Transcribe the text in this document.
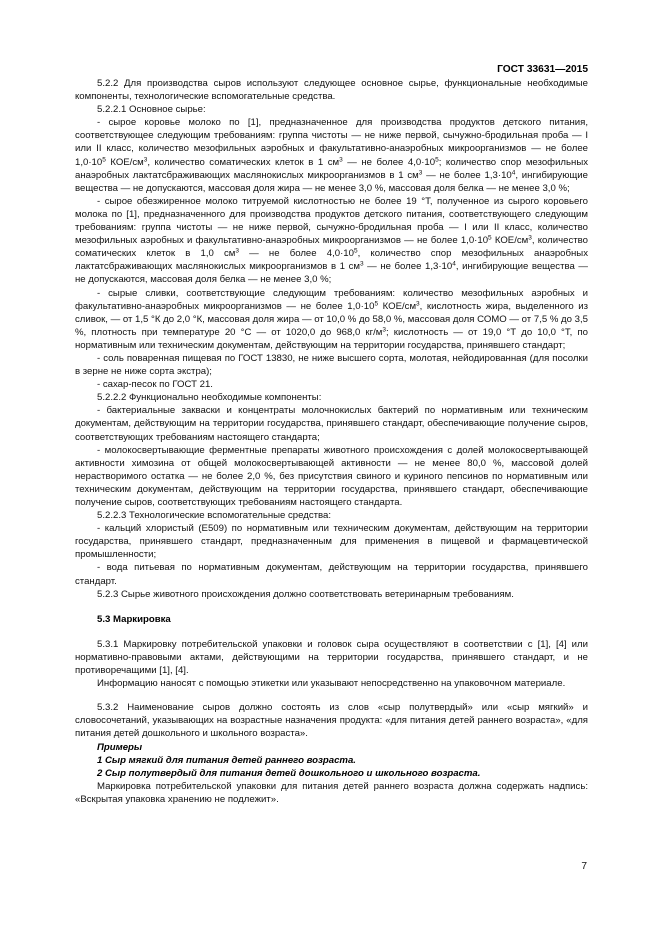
ГОСТ 33631—2015

5.2.2 Для производства сыров используют следующее основное сырье, функциональные необходимые компоненты, технологические вспомогательные средства.

5.2.2.1 Основное сырье:

- сырое коровье молоко по [1], предназначенное для производства продуктов детского питания, соответствующее следующим требованиям: группа чистоты — не ниже первой, сычужно-бродильная проба — I или II класс, количество мезофильных аэробных и факультативно-анаэробных микроорганизмов — не более $1,0\cdot 10^5$ КОЕ/$см^3$, количество соматических клеток в 1 $см^3$ — не более $4,0\cdot 10^5$; количество спор мезофильных анаэробных лактатсбраживающих маслянокислых микроорганизмов в 1 $см^3$ — не более $1,3\cdot 10^4$, ингибирующие вещества — не допускаются, массовая доля жира — не менее 3,0 %, массовая доля белка — не менее 3,0 %;

- сырое обезжиренное молоко титруемой кислотностью не более 19 °Т, полученное из сырого коровьего молока по [1], предназначенного для производства продуктов детского питания, соответствующего следующим требованиям: группа чистоты — не ниже первой, сычужно-бродильная проба — I или II класс, количество мезофильных аэробных и факультативно-анаэробных микроорганизмов — не более $1,0\cdot 10^5$ КОЕ/$см^3$, количество соматических клеток в 1,0 $см^3$ — не более $4,0\cdot 10^5$, количество спор мезофильных анаэробных лактатсбраживающих маслянокислых микроорганизмов в 1 $см^3$ — не более $1,3\cdot 10^4$, ингибирующие вещества — не допускаются, массовая доля белка — не менее 3,0 %;

- сырые сливки, соответствующие следующим требованиям: количество мезофильных аэробных и факультативно-анаэробных микроорганизмов — не более $1,0\cdot 10^5$ КОЕ/$см^3$, кислотность жира, выделенного из сливок, — от 1,5 °К до 2,0 °К, массовая доля жира — от 10,0 % до 58,0 %, массовая доля СОМО — от 7,5 % до 3,5 %, плотность при температуре 20 °С — от 1020,0 до 968,0 $кг/м^3$; кислотность — от 19,0 °Т до 10,0 °Т, по нормативным или техническим документам, действующим на территории государства, принявшего стандарт;

- соль поваренная пищевая по ГОСТ 13830, не ниже высшего сорта, молотая, нейодированная (для посолки в зерне не ниже сорта экстра);

- сахар-песок по ГОСТ 21.

5.2.2.2 Функционально необходимые компоненты:

- бактериальные закваски и концентраты молочнокислых бактерий по нормативным или техническим документам, действующим на территории государства, принявшего стандарт, обеспечивающие получение сыров, соответствующих требованиям настоящего стандарта;

- молокосвертывающие ферментные препараты животного происхождения с долей молокосвертывающей активности химозина от общей молокосвертывающей активности — не менее 80,0 %, массовой долей нерастворимого остатка — не более 2,0 %, без присутствия свиного и куриного пепсинов по нормативным или техническим документам, действующим на территории государства, принявшего стандарт, обеспечивающие получение сыров, соответствующих требованиям настоящего стандарта.

5.2.2.3 Технологические вспомогательные средства:

- кальций хлористый (Е509) по нормативным или техническим документам, действующим на территории государства, принявшего стандарт, предназначенным для применения в пищевой и фармацевтической промышленности;

- вода питьевая по нормативным документам, действующим на территории государства, принявшего стандарт.

5.2.3 Сырье животного происхождения должно соответствовать ветеринарным требованиям.

5.3 Маркировка

5.3.1 Маркировку потребительской упаковки и головок сыра осуществляют в соответствии с [1], [4] или нормативно-правовыми актами, действующими на территории государства, принявшего стандарт, и не противоречащими [1], [4].

Информацию наносят с помощью этикетки или указывают непосредственно на упаковочном материале.

5.3.2 Наименование сыров должно состоять из слов «сыр полутвердый» или «сыр мягкий» и словосочетаний, указывающих на возрастные назначения продукта: «для питания детей раннего возраста», «для питания детей дошкольного и школьного возраста».

Примеры

1 Сыр мягкий для питания детей раннего возраста.

2 Сыр полутвердый для питания детей дошкольного и школьного возраста.

Маркировка потребительской упаковки для питания детей раннего возраста должна содержать надпись: «Вскрытая упаковка хранению не подлежит».

7
